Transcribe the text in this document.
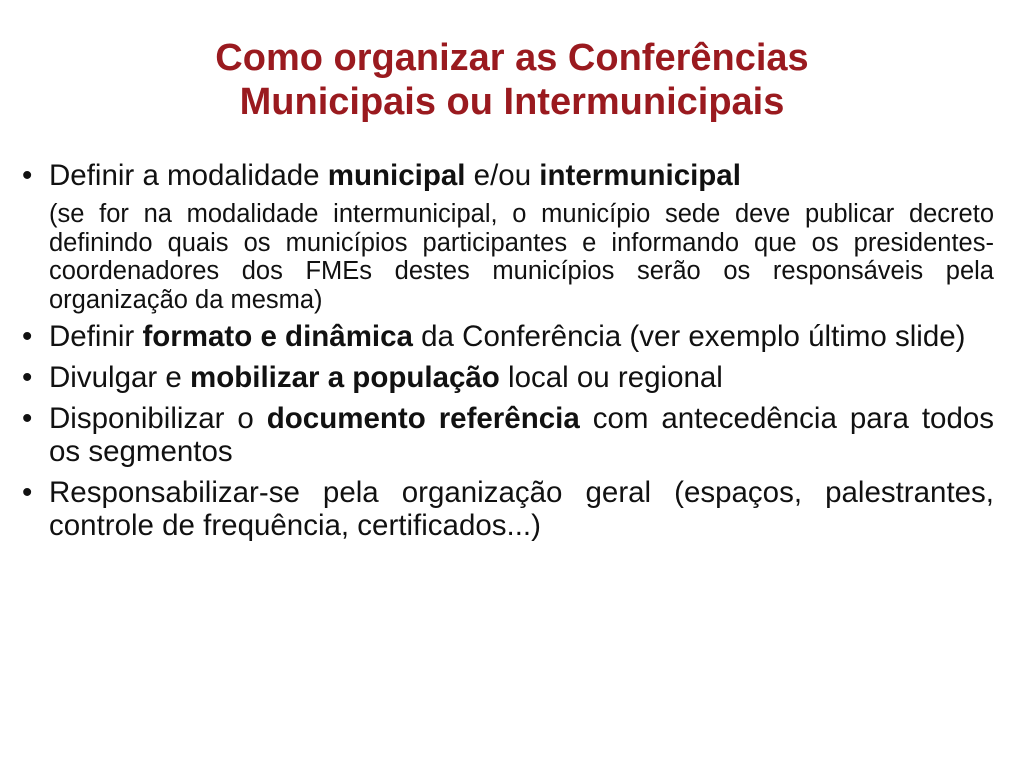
Como organizar as Conferências
Municipais ou Intermunicipais
• Definir a modalidade municipal e/ou intermunicipal
(se for na modalidade intermunicipal, o município sede deve publicar decreto definindo quais os municípios participantes e informando que os presidentes-coordenadores dos FMEs destes municípios serão os responsáveis pela organização da mesma)
• Definir formato e dinâmica da Conferência (ver exemplo último slide)
• Divulgar e mobilizar a população local ou regional
• Disponibilizar o documento referência com antecedência para todos os segmentos
• Responsabilizar-se pela organização geral (espaços, palestrantes, controle de frequência, certificados...)
